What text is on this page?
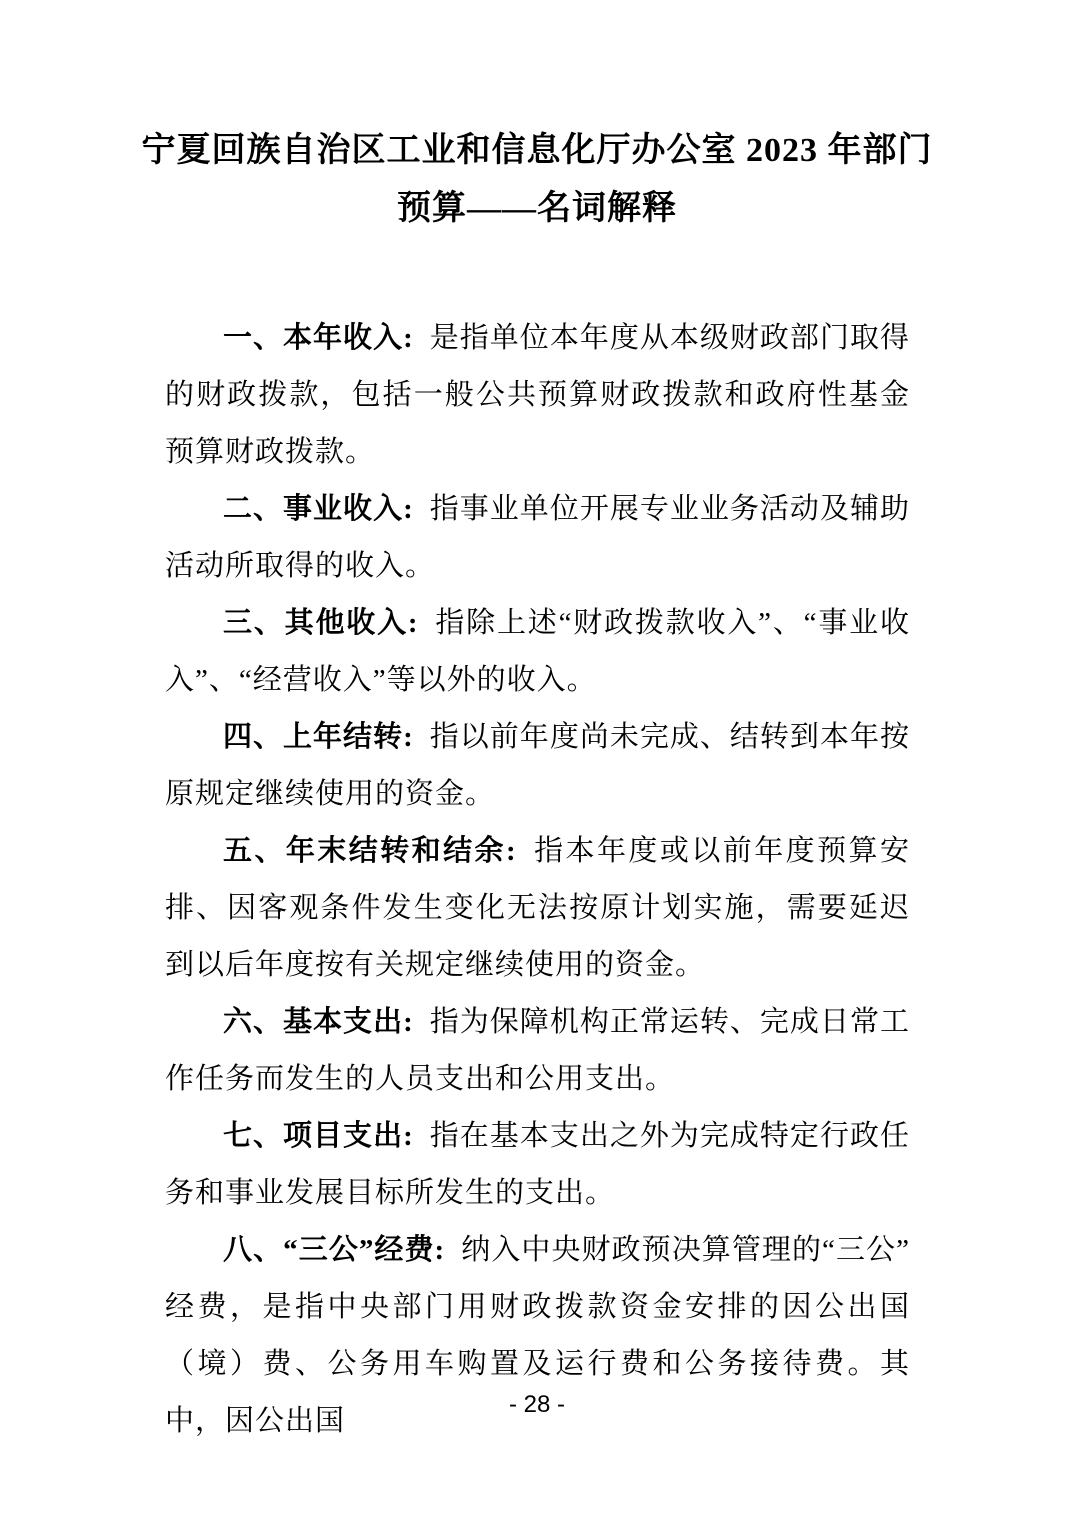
宁夏回族自治区工业和信息化厅办公室 2023 年部门
预算——名词解释

一、本年收入: 是指单位本年度从本级财政部门取得的财政拨款，包括一般公共预算财政拨款和政府性基金预算财政拨款。

二、事业收入: 指事业单位开展专业业务活动及辅助活动所取得的收入。

三、其他收入: 指除上述“财政拨款收入”、“事业收入”、“经营收入”等以外的收入。

四、上年结转: 指以前年度尚未完成、结转到本年按原规定继续使用的资金。

五、年末结转和结余: 指本年度或以前年度预算安排、因客观条件发生变化无法按原计划实施，需要延迟到以后年度按有关规定继续使用的资金。

六、基本支出: 指为保障机构正常运转、完成日常工作任务而发生的人员支出和公用支出。

七、项目支出: 指在基本支出之外为完成特定行政任务和事业发展目标所发生的支出。

八、“三公”经费: 纳入中央财政预决算管理的“三公”经费，是指中央部门用财政拨款资金安排的因公出国（境）费、公务用车购置及运行费和公务接待费。其中，因公出国

- 28 -
